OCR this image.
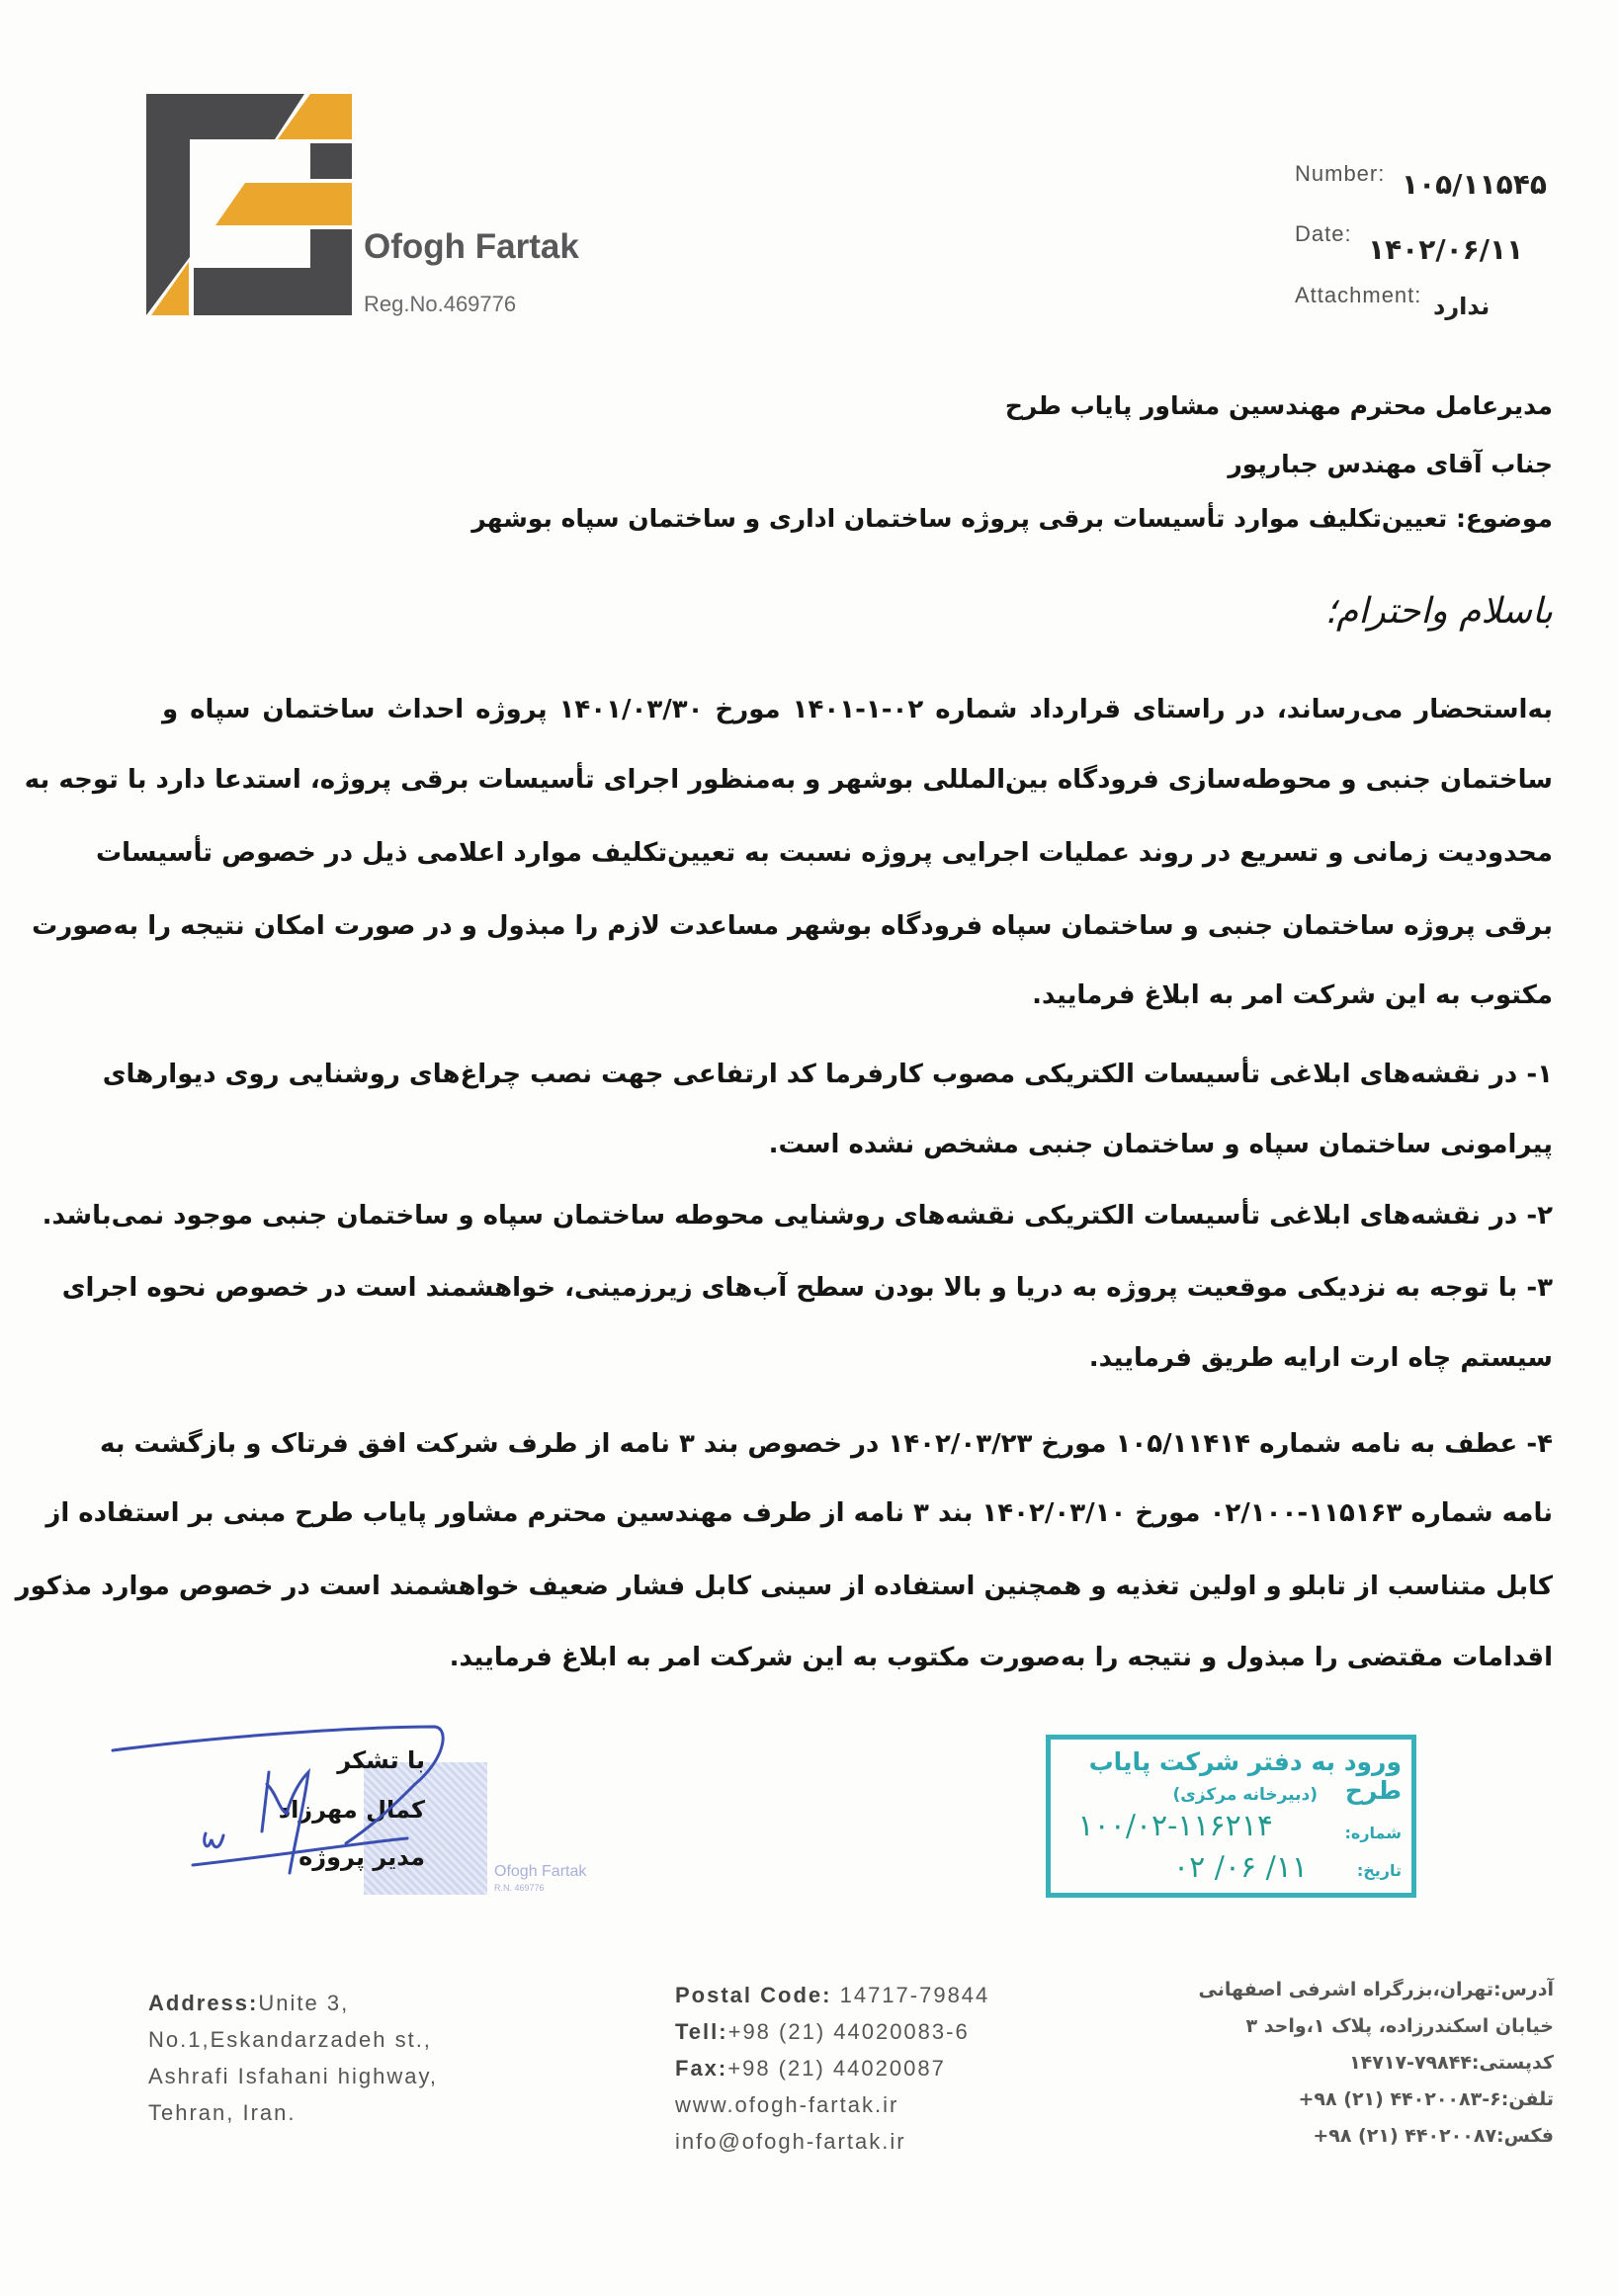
Ofogh Fartak
Reg.No.469776
Number: ۱۰۵/۱۱۵۴۵
Date: ۱۴۰۲/۰۶/۱۱
Attachment: ندارد
مدیرعامل محترم مهندسین مشاور پایاب طرح
جناب آقای مهندس جبارپور
موضوع: تعیین‌تکلیف موارد تأسیسات برقی پروژه ساختمان اداری و ساختمان سپاه بوشهر
باسلام واحترام؛
به‌استحضار می‌رساند، در راستای قرارداد شماره ۰۲-۱-۱۴۰۱ مورخ ۱۴۰۱/۰۳/۳۰ پروژه احداث ساختمان سپاه و
ساختمان جنبی و محوطه‌سازی فرودگاه بین‌المللی بوشهر و به‌منظور اجرای تأسیسات برقی پروژه، استدعا دارد با توجه به
محدودیت زمانی و تسریع در روند عملیات اجرایی پروژه نسبت به تعیین‌تکلیف موارد اعلامی ذیل در خصوص تأسیسات
برقی پروژه ساختمان جنبی و ساختمان سپاه فرودگاه بوشهر مساعدت لازم را مبذول و در صورت امکان نتیجه را به‌صورت
مکتوب به این شرکت امر به ابلاغ فرمایید.
۱- در نقشه‌های ابلاغی تأسیسات الکتریکی مصوب کارفرما کد ارتفاعی جهت نصب چراغ‌های روشنایی روی دیوارهای
پیرامونی ساختمان سپاه و ساختمان جنبی مشخص نشده است.
۲- در نقشه‌های ابلاغی تأسیسات الکتریکی نقشه‌های روشنایی محوطه ساختمان سپاه و ساختمان جنبی موجود نمی‌باشد.
۳- با توجه به نزدیکی موقعیت پروژه به دریا و بالا بودن سطح آب‌های زیرزمینی، خواهشمند است در خصوص نحوه اجرای
سیستم چاه ارت ارایه طریق فرمایید.
۴- عطف به نامه شماره ۱۰۵/۱۱۴۱۴ مورخ ۱۴۰۲/۰۳/۲۳ در خصوص بند ۳ نامه از طرف شرکت افق فرتاک و بازگشت به
نامه شماره ۱۱۵۱۶۳-۰۲/۱۰۰ مورخ ۱۴۰۲/۰۳/۱۰ بند ۳ نامه از طرف مهندسین محترم مشاور پایاب طرح مبنی بر استفاده از
کابل متناسب از تابلو و اولین تغذیه و همچنین استفاده از سینی کابل فشار ضعیف خواهشمند است در خصوص موارد مذکور
اقدامات مقتضی را مبذول و نتیجه را به‌صورت مکتوب به این شرکت امر به ابلاغ فرمایید.
Ofogh Fartak
R.N. 469776
با تشکر
کمال مهرزاد
مدیر پروژه
ورود به دفتر شرکت پایاب طرح
(دبیرخانه مرکزی)
شماره:
۱۰۰/۰۲-۱۱۶۲۱۴
تاریخ:
۱۱/ ۰۶/ ۰۲
Address:Unite 3,
No.1,Eskandarzadeh st.,
Ashrafi Isfahani highway,
Tehran, Iran.
Postal Code: 14717-79844
Tell:+98 (21) 44020083-6
Fax:+98 (21) 44020087
www.ofogh-fartak.ir
info@ofogh-fartak.ir
آدرس:تهران،بزرگراه اشرفی اصفهانی
خیابان اسکندرزاده، پلاک ۱،واحد ۳
کدپستی:۷۹۸۴۴-۱۴۷۱۷
تلفن:۶-۴۴۰۲۰۰۸۳ (۲۱) ۹۸+
فکس:۴۴۰۲۰۰۸۷ (۲۱) ۹۸+
